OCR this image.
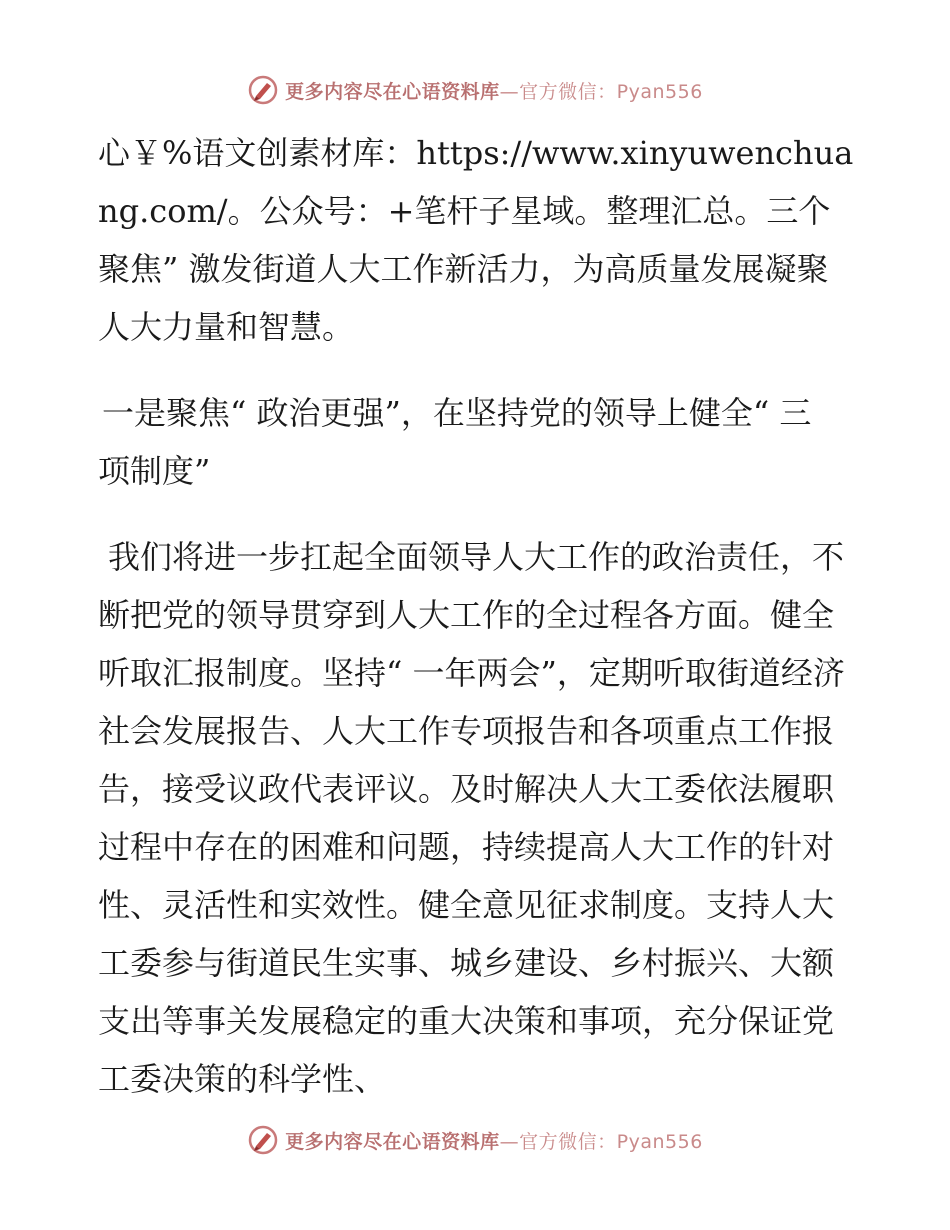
更多内容尽在心语资料库—官方微信：Pyan556

心￥%语文创素材库：https://www.xinyuwenchuang.com/。公众号：+笔杆子星域。整理汇总。三个聚焦” 激发街道人大工作新活力，为高质量发展凝聚人大力量和智慧。

一是聚焦“ 政治更强”，在坚持党的领导上健全“ 三项制度”

我们将进一步扛起全面领导人大工作的政治责任，不断把党的领导贯穿到人大工作的全过程各方面。健全听取汇报制度。坚持“ 一年两会”，定期听取街道经济社会发展报告、人大工作专项报告和各项重点工作报告，接受议政代表评议。及时解决人大工委依法履职过程中存在的困难和问题，持续提高人大工作的针对性、灵活性和实效性。健全意见征求制度。支持人大工委参与街道民生实事、城乡建设、乡村振兴、大额支出等事关发展稳定的重大决策和事项，充分保证党工委决策的科学性、

更多内容尽在心语资料库—官方微信：Pyan556
